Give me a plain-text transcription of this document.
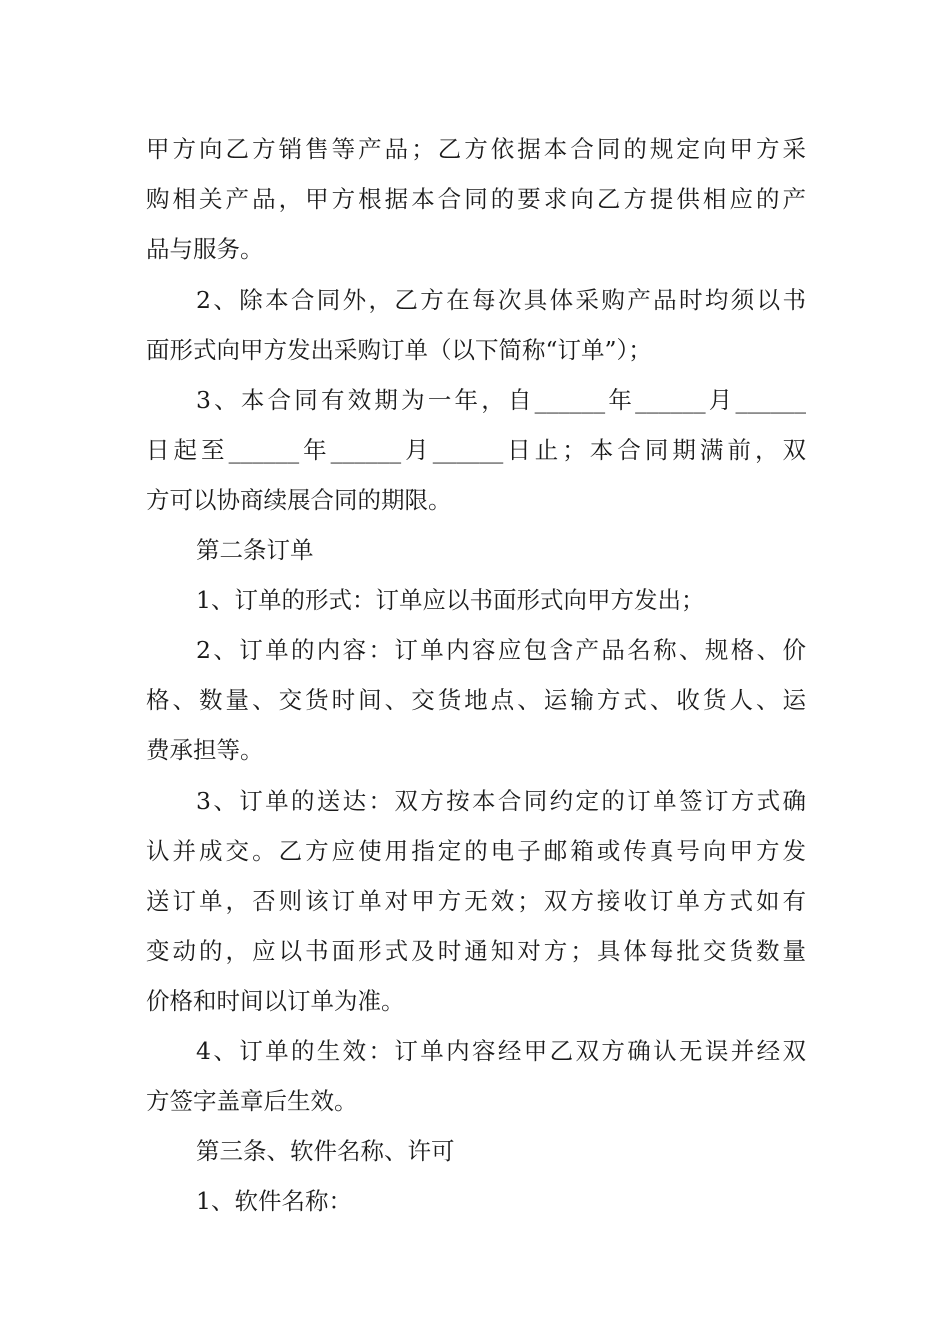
甲方向乙方销售等产品；乙方依据本合同的规定向甲方采
购相关产品，甲方根据本合同的要求向乙方提供相应的产
品与服务。
2、除本合同外，乙方在每次具体采购产品时均须以书
面形式向甲方发出采购订单（以下简称“订单”）；
3、本合同有效期为一年，自______年______月______
日起至______年______月______日止；本合同期满前，双
方可以协商续展合同的期限。
第二条订单
1、订单的形式：订单应以书面形式向甲方发出；
2、订单的内容：订单内容应包含产品名称、规格、价
格、数量、交货时间、交货地点、运输方式、收货人、运
费承担等。
3、订单的送达：双方按本合同约定的订单签订方式确
认并成交。乙方应使用指定的电子邮箱或传真号向甲方发
送订单，否则该订单对甲方无效；双方接收订单方式如有
变动的，应以书面形式及时通知对方；具体每批交货数量
价格和时间以订单为准。
4、订单的生效：订单内容经甲乙双方确认无误并经双
方签字盖章后生效。
第三条、软件名称、许可
1、软件名称：
